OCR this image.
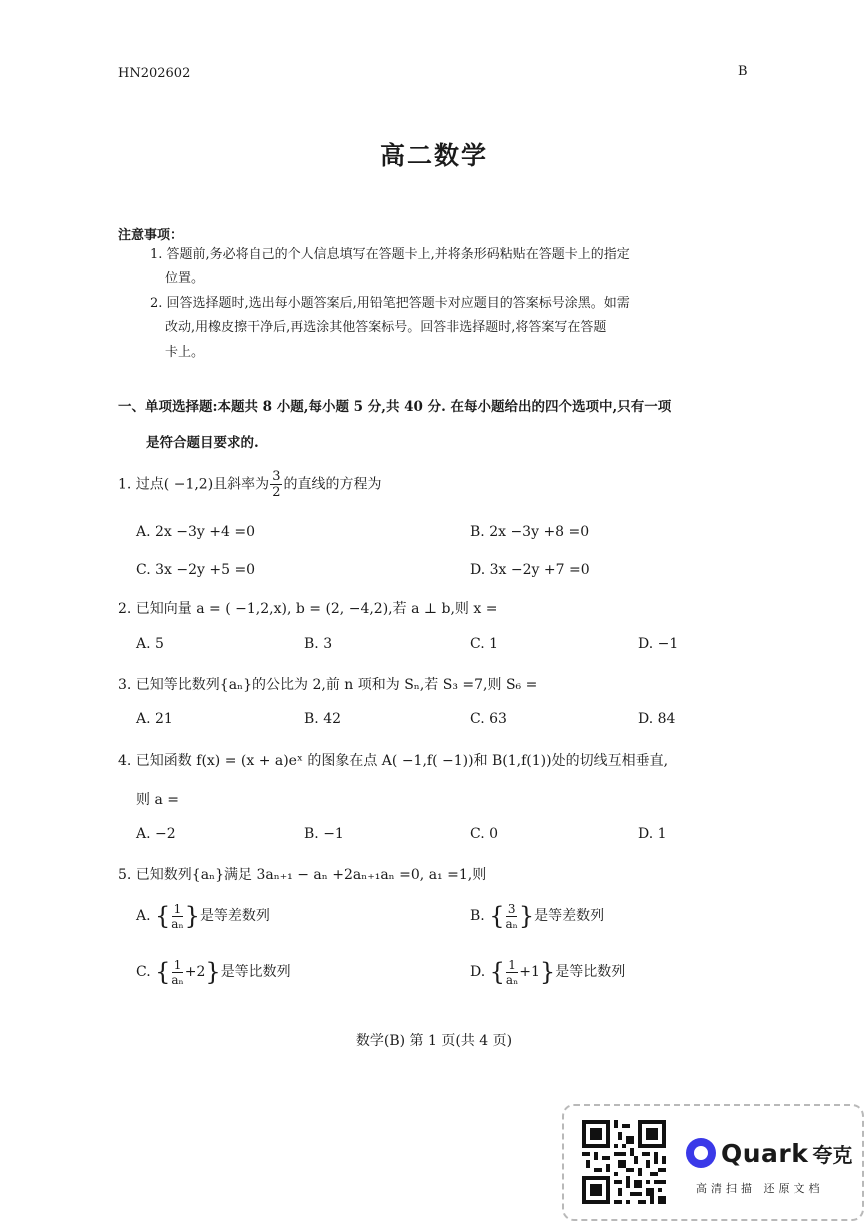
HN202602	B
高二数学
注意事项：
1. 答题前,务必将自己的个人信息填写在答题卡上,并将条形码粘贴在答题卡上的指定
位置。
2. 回答选择题时,选出每小题答案后,用铅笔把答题卡对应题目的答案标号涂黑。如需
改动,用橡皮擦干净后,再选涂其他答案标号。回答非选择题时,将答案写在答题
卡上。
一、单项选择题:本题共 8 小题,每小题 5 分,共 40 分. 在每小题给出的四个选项中,只有一项
是符合题目要求的.
1. 过点( −1,2)且斜率为 $\frac{3}{2}$ 的直线的方程为
A. 2x −3y +4 =0	B. 2x −3y +8 =0
C. 3x −2y +5 =0	D. 3x −2y +7 =0
2. 已知向量 a = ( −1,2,x), b = (2, −4,2),若 a ⊥ b,则 x =
A. 5	B. 3	C. 1	D. −1
3. 已知等比数列{aₙ}的公比为 2,前 n 项和为 Sₙ,若 S₃ =7,则 S₆ =
A. 21	B. 42	C. 63	D. 84
4. 已知函数 f(x) = (x + a)eˣ 的图象在点 A( −1,f( −1))和 B(1,f(1))处的切线互相垂直,
则 a =
A. −2	B. −1	C. 0	D. 1
5. 已知数列{aₙ}满足 3aₙ₊₁ − aₙ +2aₙ₊₁aₙ =0, a₁ =1,则
A. { $\frac{1}{\text{aₙ}}$ }是等差数列	B. { $\frac{3}{\text{aₙ}}$ }是等差数列
C. { $\frac{1}{\text{aₙ}} +2$}是等比数列	D. { $\frac{1}{\text{aₙ}} +1$}是等比数列
数学(B) 第 1 页(共 4 页)
Quark 夸克
高清扫描 还原文档
